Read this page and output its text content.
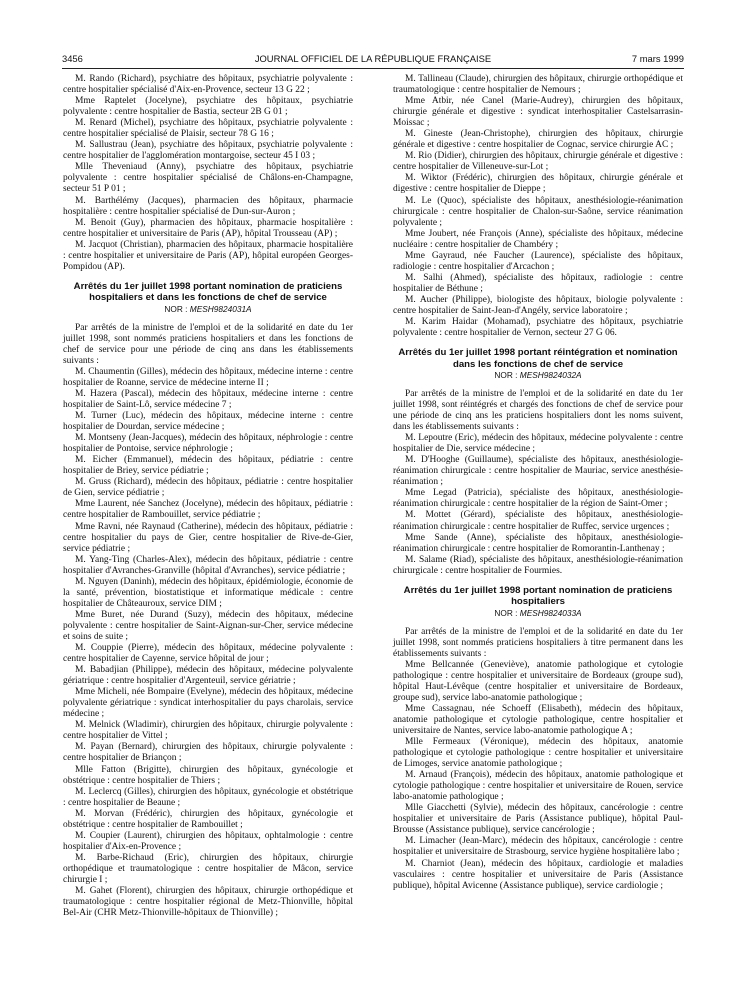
3456	JOURNAL OFFICIEL DE LA RÉPUBLIQUE FRANÇAISE	7 mars 1999

M. Rando (Richard), psychiatre des hôpitaux, psychiatrie polyvalente : centre hospitalier spécialisé d'Aix-en-Provence, secteur 13 G 22 ;

Mme Raptelet (Jocelyne), psychiatre des hôpitaux, psychiatrie polyvalente : centre hospitalier de Bastia, secteur 2B G 01 ;

M. Renard (Michel), psychiatre des hôpitaux, psychiatrie polyvalente : centre hospitalier spécialisé de Plaisir, secteur 78 G 16 ;

M. Sallustrau (Jean), psychiatre des hôpitaux, psychiatrie polyvalente : centre hospitalier de l'agglomération montargoise, secteur 45 I 03 ;

Mlle Theveniaud (Anny), psychiatre des hôpitaux, psychiatrie polyvalente : centre hospitalier spécialisé de Châlons-en-Champagne, secteur 51 P 01 ;

M. Barthélémy (Jacques), pharmacien des hôpitaux, pharmacie hospitalière : centre hospitalier spécialisé de Dun-sur-Auron ;

M. Benoit (Guy), pharmacien des hôpitaux, pharmacie hospitalière : centre hospitalier et universitaire de Paris (AP), hôpital Trousseau (AP) ;

M. Jacquot (Christian), pharmacien des hôpitaux, pharmacie hospitalière : centre hospitalier et universitaire de Paris (AP), hôpital européen Georges-Pompidou (AP).

Arrêtés du 1er juillet 1998 portant nomination de praticiens hospitaliers et dans les fonctions de chef de service

NOR : MESH9824031A

Par arrêtés de la ministre de l'emploi et de la solidarité en date du 1er juillet 1998, sont nommés praticiens hospitaliers et dans les fonctions de chef de service pour une période de cinq ans dans les établissements suivants :

M. Chaumentin (Gilles), médecin des hôpitaux, médecine interne : centre hospitalier de Roanne, service de médecine interne II ;

M. Hazera (Pascal), médecin des hôpitaux, médecine interne : centre hospitalier de Saint-Lô, service médecine 7 ;

M. Turner (Luc), médecin des hôpitaux, médecine interne : centre hospitalier de Dourdan, service médecine ;

M. Montseny (Jean-Jacques), médecin des hôpitaux, néphrologie : centre hospitalier de Pontoise, service néphrologie ;

M. Eicher (Emmanuel), médecin des hôpitaux, pédiatrie : centre hospitalier de Briey, service pédiatrie ;

M. Gruss (Richard), médecin des hôpitaux, pédiatrie : centre hospitalier de Gien, service pédiatrie ;

Mme Laurent, née Sanchez (Jocelyne), médecin des hôpitaux, pédiatrie : centre hospitalier de Rambouillet, service pédiatrie ;

Mme Ravni, née Raynaud (Catherine), médecin des hôpitaux, pédiatrie : centre hospitalier du pays de Gier, centre hospitalier de Rive-de-Gier, service pédiatrie ;

M. Yang-Ting (Charles-Alex), médecin des hôpitaux, pédiatrie : centre hospitalier d'Avranches-Granville (hôpital d'Avranches), service pédiatrie ;

M. Nguyen (Daninh), médecin des hôpitaux, épidémiologie, économie de la santé, prévention, biostatistique et informatique médicale : centre hospitalier de Châteauroux, service DIM ;

Mme Buret, née Durand (Suzy), médecin des hôpitaux, médecine polyvalente : centre hospitalier de Saint-Aignan-sur-Cher, service médecine et soins de suite ;

M. Couppie (Pierre), médecin des hôpitaux, médecine polyvalente : centre hospitalier de Cayenne, service hôpital de jour ;

M. Babadjian (Philippe), médecin des hôpitaux, médecine polyvalente gériatrique : centre hospitalier d'Argenteuil, service gériatrie ;

Mme Micheli, née Bompaire (Evelyne), médecin des hôpitaux, médecine polyvalente gériatrique : syndicat interhospitalier du pays charolais, service médecine ;

M. Melnick (Wladimir), chirurgien des hôpitaux, chirurgie polyvalente : centre hospitalier de Vittel ;

M. Payan (Bernard), chirurgien des hôpitaux, chirurgie polyvalente : centre hospitalier de Briançon ;

Mlle Fatton (Brigitte), chirurgien des hôpitaux, gynécologie et obstétrique : centre hospitalier de Thiers ;

M. Leclercq (Gilles), chirurgien des hôpitaux, gynécologie et obstétrique : centre hospitalier de Beaune ;

M. Morvan (Frédéric), chirurgien des hôpitaux, gynécologie et obstétrique : centre hospitalier de Rambouillet ;

M. Coupier (Laurent), chirurgien des hôpitaux, ophtalmologie : centre hospitalier d'Aix-en-Provence ;

M. Barbe-Richaud (Eric), chirurgien des hôpitaux, chirurgie orthopédique et traumatologique : centre hospitalier de Mâcon, service chirurgie I ;

M. Gahet (Florent), chirurgien des hôpitaux, chirurgie orthopédique et traumatologique : centre hospitalier régional de Metz-Thionville, hôpital Bel-Air (CHR Metz-Thionville-hôpitaux de Thionville) ;

M. Tallineau (Claude), chirurgien des hôpitaux, chirurgie orthopédique et traumatologique : centre hospitalier de Nemours ;

Mme Atbir, née Canel (Marie-Audrey), chirurgien des hôpitaux, chirurgie générale et digestive : syndicat interhospitalier Castelsarrasin-Moissac ;

M. Gineste (Jean-Christophe), chirurgien des hôpitaux, chirurgie générale et digestive : centre hospitalier de Cognac, service chirurgie AC ;

M. Rio (Didier), chirurgien des hôpitaux, chirurgie générale et digestive : centre hospitalier de Villeneuve-sur-Lot ;

M. Wiktor (Frédéric), chirurgien des hôpitaux, chirurgie générale et digestive : centre hospitalier de Dieppe ;

M. Le (Quoc), spécialiste des hôpitaux, anesthésiologie-réanimation chirurgicale : centre hospitalier de Chalon-sur-Saône, service réanimation polyvalente ;

Mme Joubert, née François (Anne), spécialiste des hôpitaux, médecine nucléaire : centre hospitalier de Chambéry ;

Mme Gayraud, née Faucher (Laurence), spécialiste des hôpitaux, radiologie : centre hospitalier d'Arcachon ;

M. Salhi (Ahmed), spécialiste des hôpitaux, radiologie : centre hospitalier de Béthune ;

M. Aucher (Philippe), biologiste des hôpitaux, biologie polyvalente : centre hospitalier de Saint-Jean-d'Angély, service laboratoire ;

M. Karim Haidar (Mohamad), psychiatre des hôpitaux, psychiatrie polyvalente : centre hospitalier de Vernon, secteur 27 G 06.

Arrêtés du 1er juillet 1998 portant réintégration et nomination dans les fonctions de chef de service

NOR : MESH9824032A

Par arrêtés de la ministre de l'emploi et de la solidarité en date du 1er juillet 1998, sont réintégrés et chargés des fonctions de chef de service pour une période de cinq ans les praticiens hospitaliers dont les noms suivent, dans les établissements suivants :

M. Lepoutre (Eric), médecin des hôpitaux, médecine polyvalente : centre hospitalier de Die, service médecine ;

M. D'Hooghe (Guillaume), spécialiste des hôpitaux, anesthésiologie-réanimation chirurgicale : centre hospitalier de Mauriac, service anesthésie-réanimation ;

Mme Legad (Patricia), spécialiste des hôpitaux, anesthésiologie-réanimation chirurgicale : centre hospitalier de la région de Saint-Omer ;

M. Mottet (Gérard), spécialiste des hôpitaux, anesthésiologie-réanimation chirurgicale : centre hospitalier de Ruffec, service urgences ;

Mme Sande (Anne), spécialiste des hôpitaux, anesthésiologie-réanimation chirurgicale : centre hospitalier de Romorantin-Lanthenay ;

M. Salame (Riad), spécialiste des hôpitaux, anesthésiologie-réanimation chirurgicale : centre hospitalier de Fourmies.

Arrêtés du 1er juillet 1998 portant nomination de praticiens hospitaliers

NOR : MESH9824033A

Par arrêtés de la ministre de l'emploi et de la solidarité en date du 1er juillet 1998, sont nommés praticiens hospitaliers à titre permanent dans les établissements suivants :

Mme Bellcannée (Geneviève), anatomie pathologique et cytologie pathologique : centre hospitalier et universitaire de Bordeaux (groupe sud), hôpital Haut-Lévêque (centre hospitalier et universitaire de Bordeaux, groupe sud), service labo-anatomie pathologique ;

Mme Cassagnau, née Schoeff (Elisabeth), médecin des hôpitaux, anatomie pathologique et cytologie pathologique, centre hospitalier et universitaire de Nantes, service labo-anatomie pathologique A ;

Mlle Fermeaux (Véronique), médecin des hôpitaux, anatomie pathologique et cytologie pathologique : centre hospitalier et universitaire de Limoges, service anatomie pathologique ;

M. Arnaud (François), médecin des hôpitaux, anatomie pathologique et cytologie pathologique : centre hospitalier et universitaire de Rouen, service labo-anatomie pathologique ;

Mlle Giacchetti (Sylvie), médecin des hôpitaux, cancérologie : centre hospitalier et universitaire de Paris (Assistance publique), hôpital Paul-Brousse (Assistance publique), service cancérologie ;

M. Limacher (Jean-Marc), médecin des hôpitaux, cancérologie : centre hospitalier et universitaire de Strasbourg, service hygiène hospitalière labo ;

M. Charniot (Jean), médecin des hôpitaux, cardiologie et maladies vasculaires : centre hospitalier et universitaire de Paris (Assistance publique), hôpital Avicenne (Assistance publique), service cardiologie ;
